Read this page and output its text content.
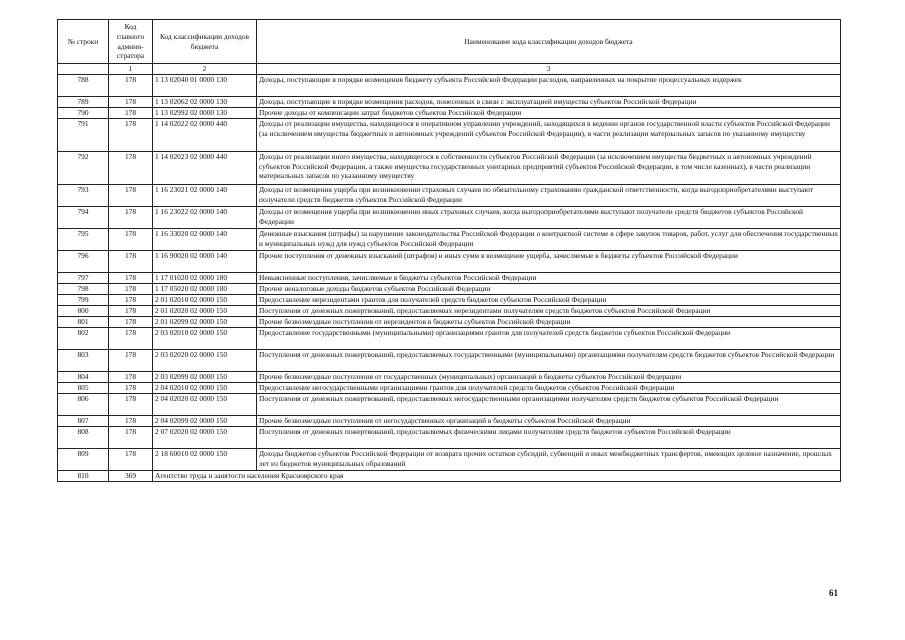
№ строки	Код главного админи-стратора	Код классификации доходов бюджета	Наименование кода классификации доходов бюджета
	1	2	3
788	178	1 13 02040 01 0000 130	Доходы, поступающие в порядке возмещения бюджету субъекта Российской Федерации расходов, направленных на покрытие процессуальных издержек
789	178	1 13 02062 02 0000 130	Доходы, поступающие в порядке возмещения расходов, понесенных в связи с эксплуатацией имущества субъектов Российской Федерации
790	178	1 13 02992 02 0000 130	Прочие доходы от компенсации затрат бюджетов субъектов Российской Федерации
791	178	1 14 02022 02 0000 440	Доходы от реализации имущества, находящегося в оперативном управлении учреждений, находящихся в ведении органов государственной власти субъектов Российской Федерации (за исключением имущества бюджетных и автономных учреждений субъектов Российской Федерации), в части реализации материальных запасов по указанному имуществу
792	178	1 14 02023 02 0000 440	Доходы от реализации иного имущества, находящегося в собственности субъектов Российской Федерации (за исключением имущества бюджетных и автономных учреждений субъектов Российской Федерации, а также имущества государственных унитарных предприятий субъектов Российской Федерации, в том числе казенных), в части реализации материальных запасов по указанному имуществу
793	178	1 16 23021 02 0000 140	Доходы от возмещения ущерба при возникновении страховых случаев по обязательному страхованию гражданской ответственности, когда выгодоприобретателями выступают получатели средств бюджетов субъектов Российской Федерации
794	178	1 16 23022 02 0000 140	Доходы от возмещения ущерба при возникновении иных страховых случаев, когда выгодоприобретателями выступают получатели средств бюджетов субъектов Российской Федерации
795	178	1 16 33020 02 0000 140	Денежные взыскания (штрафы) за нарушение законодательства Российской Федерации о контрактной системе в сфере закупок товаров, работ, услуг для обеспечения государственных и муниципальных нужд для нужд субъектов Российской Федерации
796	178	1 16 90020 02 0000 140	Прочие поступления от денежных взысканий (штрафов) и иных сумм в возмещение ущерба, зачисляемые в бюджеты субъектов Российской Федерации
797	178	1 17 01020 02 0000 180	Невыясненные поступления, зачисляемые в бюджеты субъектов Российской Федерации
798	178	1 17 05020 02 0000 180	Прочие неналоговые доходы бюджетов субъектов Российской Федерации
799	178	2 01 02010 02 0000 150	Предоставление нерезидентами грантов для получателей средств бюджетов субъектов Российской Федерации
800	178	2 01 02020 02 0000 150	Поступления от денежных пожертвований, предоставляемых нерезидентами получателям средств бюджетов субъектов Российской Федерации
801	178	2 01 02099 02 0000 150	Прочие безвозмездные поступления от нерезидентов в бюджеты субъектов Российской Федерации
802	178	2 03 02010 02 0000 150	Предоставление государственными (муниципальными) организациями грантов для получателей средств бюджетов субъектов Российской Федерации
803	178	2 03 02020 02 0000 150	Поступления от денежных пожертвований, предоставляемых государственными (муниципальными) организациями получателям средств бюджетов субъектов Российской Федерации
804	178	2 03 02099 02 0000 150	Прочие безвозмездные поступления от государственных (муниципальных) организаций в бюджеты субъектов Российской Федерации
805	178	2 04 02010 02 0000 150	Предоставление негосударственными организациями грантов для получателей средств бюджетов субъектов Российской Федерации
806	178	2 04 02020 02 0000 150	Поступления от денежных пожертвований, предоставляемых негосударственными организациями получателям средств бюджетов субъектов Российской Федерации
807	178	2 04 02099 02 0000 150	Прочие безвозмездные поступления от негосударственных организаций в бюджеты субъектов Российской Федерации
808	178	2 07 02020 02 0000 150	Поступления от денежных пожертвований, предоставляемых физическими лицами получателям средств бюджетов субъектов Российской Федерации
809	178	2 18 60010 02 0000 150	Доходы бюджетов субъектов Российской Федерации от возврата прочих остатков субсидий, субвенций и иных межбюджетных трансфертов, имеющих целевое назначение, прошлых лет из бюджетов муниципальных образований
810	369	Агентство труда и занятости населения Красноярского края	
61
